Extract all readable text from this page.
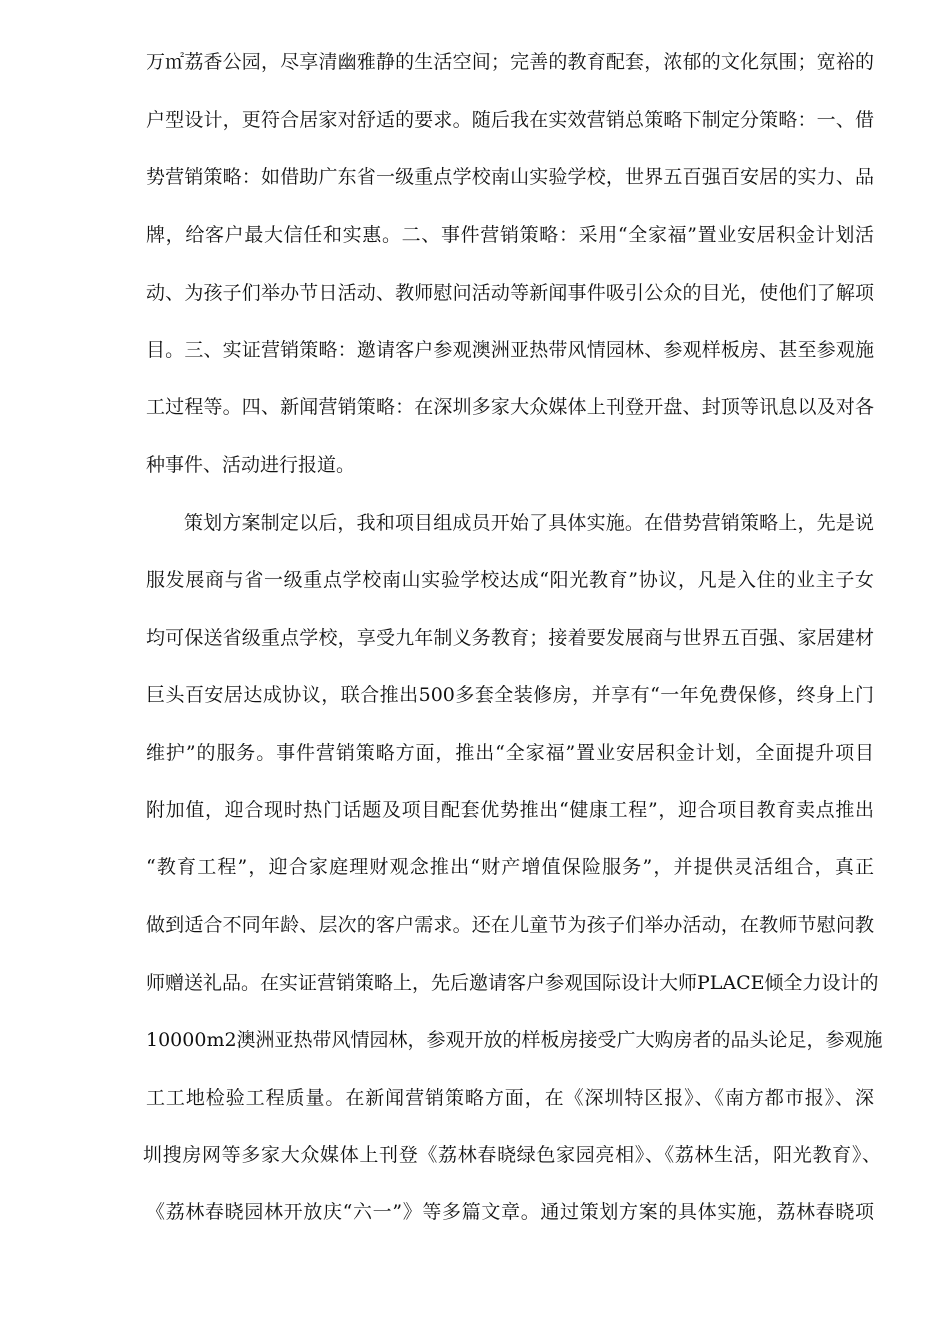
万㎡荔香公园，尽享清幽雅静的生活空间；完善的教育配套，浓郁的文化氛围；宽裕的
户型设计，更符合居家对舒适的要求。随后我在实效营销总策略下制定分策略：一、借
势营销策略：如借助广东省一级重点学校南山实验学校，世界五百强百安居的实力、品
牌，给客户最大信任和实惠。二、事件营销策略：采用“全家福”置业安居积金计划活
动、为孩子们举办节日活动、教师慰问活动等新闻事件吸引公众的目光，使他们了解项
目。三、实证营销策略：邀请客户参观澳洲亚热带风情园林、参观样板房、甚至参观施
工过程等。四、新闻营销策略：在深圳多家大众媒体上刊登开盘、封顶等讯息以及对各
种事件、活动进行报道。
策划方案制定以后，我和项目组成员开始了具体实施。在借势营销策略上，先是说
服发展商与省一级重点学校南山实验学校达成“阳光教育”协议，凡是入住的业主子女
均可保送省级重点学校，享受九年制义务教育；接着要发展商与世界五百强、家居建材
巨头百安居达成协议，联合推出500多套全装修房，并享有“一年免费保修，终身上门
维护”的服务。事件营销策略方面，推出“全家福”置业安居积金计划，全面提升项目
附加值，迎合现时热门话题及项目配套优势推出“健康工程”，迎合项目教育卖点推出
“教育工程”，迎合家庭理财观念推出“财产增值保险服务”，并提供灵活组合，真正
做到适合不同年龄、层次的客户需求。还在儿童节为孩子们举办活动，在教师节慰问教
师赠送礼品。在实证营销策略上，先后邀请客户参观国际设计大师PLACE倾全力设计的
10000m2澳洲亚热带风情园林，参观开放的样板房接受广大购房者的品头论足，参观施
工工地检验工程质量。在新闻营销策略方面，在《深圳特区报》、《南方都市报》、深
圳搜房网等多家大众媒体上刊登《荔林春晓绿色家园亮相》、《荔林生活，阳光教育》、
《荔林春晓园林开放庆“六一”》等多篇文章。通过策划方案的具体实施，荔林春晓项
